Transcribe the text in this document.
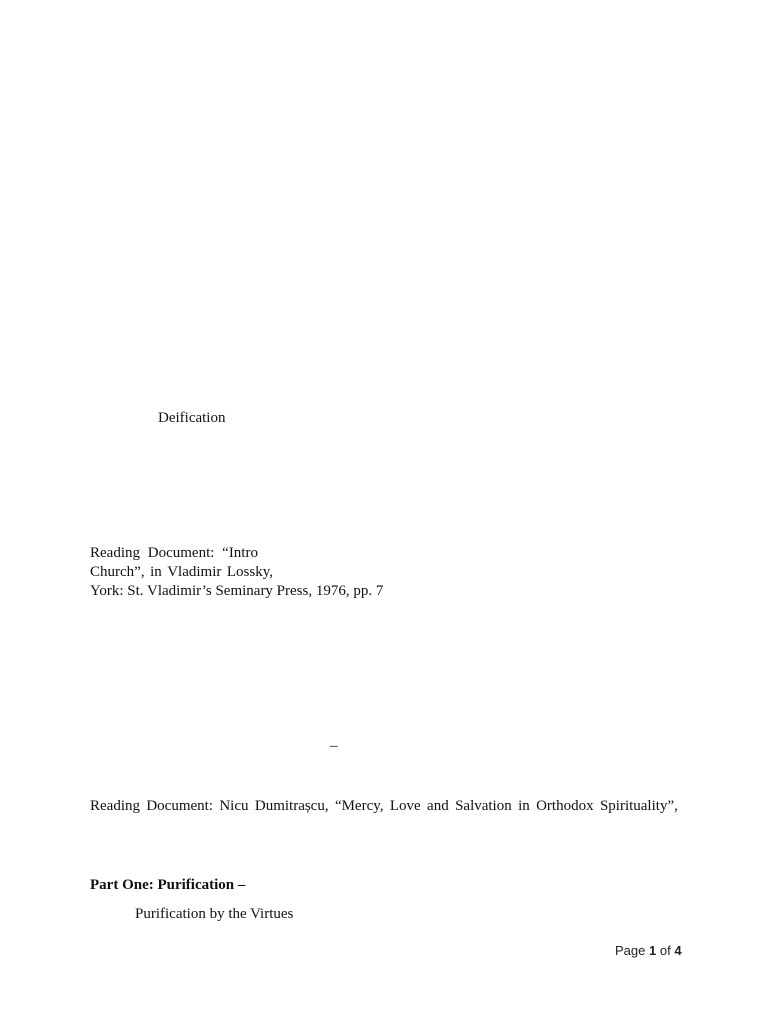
Deification
Reading Document: “Intro
Church”, in Vladimir Lossky,
York: St. Vladimir’s Seminary Press, 1976, pp. 7
–
Reading Document: Nicu Dumitrașcu, “Mercy, Love and Salvation in Orthodox Spirituality”,
Part One: Purification –
Purification by the Virtues
Page 1 of 4
